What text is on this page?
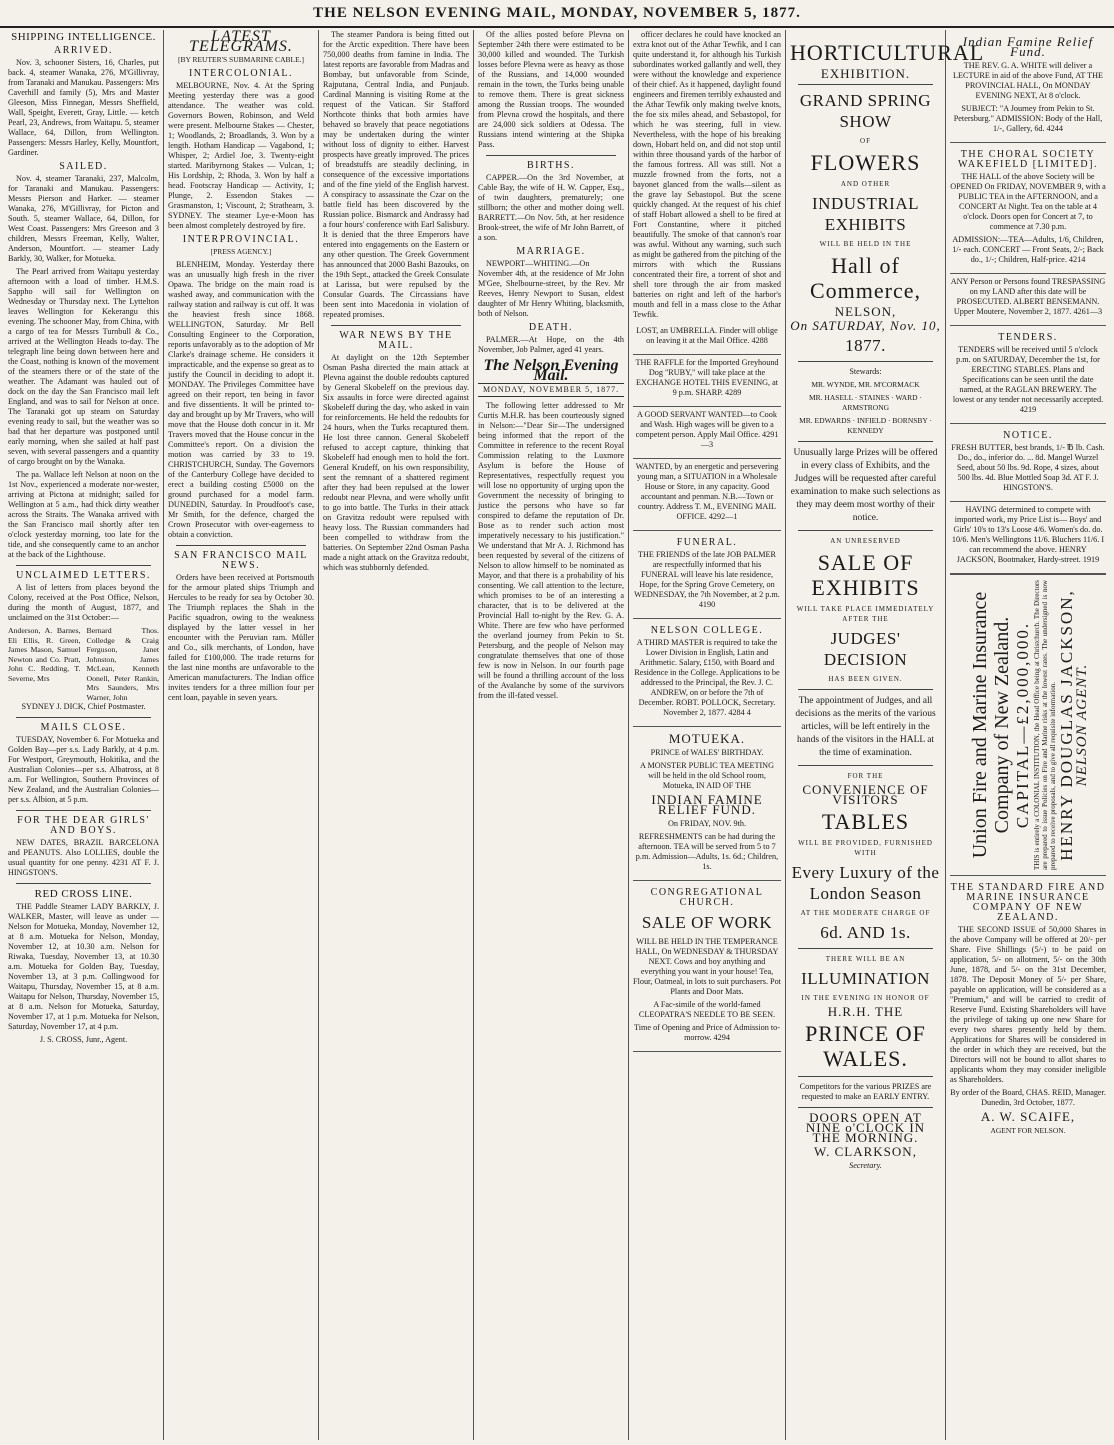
THE NELSON EVENING MAIL, MONDAY, NOVEMBER 5, 1877.
SHIPPING INTELLIGENCE.
ARRIVED.

Nov. 3, schooner Sisters, 16, Charles, put back. 4, steamer Wanaka, 276, M'Gillivray, from Taranaki and Manukau. Passengers: Mrs Caverhill and family (5), Mrs and Master Gleeson, Miss Finnegan, Messrs Sheffield, Wall, Speight, Everett, Gray, Little. — ketch Pearl, 23, Andrews, from Waitapu. 5, steamer Wallace, 64, Dillon, from Wellington. Passengers: Messrs Harley, Kelly, Mountfort, Gardiner.

SAILED.

Nov. 4, steamer Taranaki, 237, Malcolm, for Taranaki and Manukau. Passengers: Messrs Pierson and Harker. — steamer Wanaka, 276, M'Gillivray, for Picton and South. 5, steamer Wallace, 64, Dillon, for West Coast. Passengers: Mrs Greeson and 3 children, Messrs Freeman, Kelly, Walter, Anderson, Mountfort. — steamer Lady Barkly, 30, Walker, for Motueka.

The Pearl arrived from Waitapu yesterday afternoon with a load of timber. H.M.S. Sappho will sail for Wellington on Wednesday or Thursday next. The Lyttelton leaves Wellington for Kekerangu this evening. The schooner May, from China, with a cargo of tea for Messrs Turnbull & Co., arrived at the Wellington Heads to-day. The telegraph line being down between here and the Coast, nothing is known of the movement of the steamers there or of the state of the weather. The Adamant was hauled out of dock on the day the San Francisco mail left England, and was to sail for Nelson at once. The Taranaki got up steam on Saturday evening ready to sail, but the weather was so bad that her departure was postponed until early morning, when she sailed at half past seven, with several passengers and a quantity of cargo brought on by the Wanaka.

The pa. Wallace left Nelson at noon on the 1st Nov., experienced a moderate nor-wester, arriving at Pictona at midnight; sailed for Wellington at 5 a.m., had thick dirty weather across the Straits. The Wanaka arrived with the San Francisco mail shortly after ten o'clock yesterday morning, too late for the tide, and she consequently came to an anchor at the back of the Lighthouse.

UNCLAIMED LETTERS.

A list of letters from places beyond the Colony, received at the Post Office, Nelson, during the month of August, 1877, and unclaimed on the 31st October:—

Anderson, A. Barnes, Eli Ellis, R. Green, James Mason, Samuel Newton and Co. Pratt, John C. Redding, T. Severne, Mrs
Bernard Thos. Colledge & Craig Ferguson, Janet Johnston, James McLean, Kenneth Oonell, Peter Rankin, Mrs Saunders, Mrs Warner, John

SYDNEY J. DICK, Chief Postmaster.

MAILS CLOSE.

TUESDAY, November 6. For Motueka and Golden Bay—per s.s. Lady Barkly, at 4 p.m. For Westport, Greymouth, Hokitika, and the Australian Colonies—per s.s. Albatross, at 8 a.m. For Wellington, Southern Provinces of New Zealand, and the Australian Colonies—per s.s. Albion, at 5 p.m.

FOR THE DEAR GIRLS' AND BOYS.

NEW DATES, BRAZIL BARCELONA and PEANUTS. Also LOLLIES, double the usual quantity for one penny. 4231 AT F. J. HINGSTON'S.

RED CROSS LINE.

THE Paddle Steamer LADY BARKLY, J. WALKER, Master, will leave as under — Nelson for Motueka, Monday, November 12, at 8 a.m. Motueka for Nelson, Monday, November 12, at 10.30 a.m. Nelson for Riwaka, Tuesday, November 13, at 10.30 a.m. Motueka for Golden Bay, Tuesday, November 13, at 3 p.m. Collingwood for Waitapu, Thursday, November 15, at 8 a.m. Waitapu for Nelson, Thursday, November 15, at 8 a.m. Nelson for Motueka, Saturday, November 17, at 1 p.m. Motueka for Nelson, Saturday, November 17, at 4 p.m.

J. S. CROSS, Junr., Agent.

LATEST TELEGRAMS.

[BY REUTER'S SUBMARINE CABLE.]

INTERCOLONIAL.

MELBOURNE, Nov. 4. At the Spring Meeting yesterday there was a good attendance. The weather was cold. Governors Bowen, Robinson, and Weld were present. Melbourne Stakes — Chester, 1; Woodlands, 2; Broadlands, 3. Won by a length. Hotham Handicap — Vagabond, 1; Whisper, 2; Ardiel Joe, 3. Twenty-eight started. Maribyrnong Stakes — Vulcan, 1; His Lordship, 2; Rhoda, 3. Won by half a head. Footscray Handicap — Activity, 1; Plunge, 2. Essendon Stakes — Grasmanston, 1; Viscount, 2; Strathearn, 3. SYDNEY. The steamer Lye-e-Moon has been almost completely destroyed by fire.

INTERPROVINCIAL.

[PRESS AGENCY.]

BLENHEIM, Monday. Yesterday there was an unusually high fresh in the river Opawa. The bridge on the main road is washed away, and communication with the railway station and railway is cut off. It was the heaviest fresh since 1868. WELLINGTON, Saturday. Mr Bell Consulting Engineer to the Corporation, reports unfavorably as to the adoption of Mr Clarke's drainage scheme. He considers it impracticable, and the expense so great as to justify the Council in deciding to adopt it. MONDAY. The Privileges Committee have agreed on their report, ten being in favor and five dissentients. It will be printed to-day and brought up by Mr Travers, who will move that the House doth concur in it. Mr Travers moved that the House concur in the Committee's report. On a division the motion was carried by 33 to 19. CHRISTCHURCH, Sunday. The Governors of the Canterbury College have decided to erect a building costing £5000 on the ground purchased for a model farm. DUNEDIN, Saturday. In Proudfoot's case, Mr Smith, for the defence, charged the Crown Prosecutor with over-eagerness to obtain a conviction.

SAN FRANCISCO MAIL NEWS.

Orders have been received at Portsmouth for the armour plated ships Triumph and Hercules to be ready for sea by October 30. The Triumph replaces the Shah in the Pacific squadron, owing to the weakness displayed by the latter vessel in her encounter with the Peruvian ram. Müller and Co., silk merchants, of London, have failed for £100,000. The trade returns for the last nine months are unfavorable to the American manufacturers. The Indian office invites tenders for a three million four per cent loan, payable in seven years.

The steamer Pandora is being fitted out for the Arctic expedition. There have been 750,000 deaths from famine in India. The latest reports are favorable from Madras and Bombay, but unfavorable from Scinde, Rajputana, Central India, and Punjaub. Cardinal Manning is visiting Rome at the request of the Vatican. Sir Stafford Northcote thinks that both armies have behaved so bravely that peace negotiations may be undertaken during the winter without loss of dignity to either. Harvest prospects have greatly improved. The prices of breadstuffs are steadily declining, in consequence of the excessive importations and of the fine yield of the English harvest. A conspiracy to assassinate the Czar on the battle field has been discovered by the Russian police. Bismarck and Andrassy had a four hours' conference with Earl Salisbury. It is denied that the three Emperors have entered into engagements on the Eastern or any other question. The Greek Government has announced that 2000 Bashi Bazouks, on the 19th Sept., attacked the Greek Consulate at Larissa, but were repulsed by the Consular Guards. The Circassians have been sent into Macedonia in violation of repeated promises.

WAR NEWS BY THE MAIL.

At daylight on the 12th September Osman Pasha directed the main attack at Plevna against the double redoubts captured by General Skobeleff on the previous day. Six assaults in force were directed against Skobeleff during the day, who asked in vain for reinforcements. He held the redoubts for 24 hours, when the Turks recaptured them. He lost three cannon. General Skobeleff refused to accept capture, thinking that Skobeleff had enough men to hold the fort. General Krudeff, on his own responsibility, sent the remnant of a shattered regiment after they had been repulsed at the lower redoubt near Plevna, and were wholly unfit to go into battle. The Turks in their attack on Gravitza redoubt were repulsed with heavy loss. The Russian commanders had been compelled to withdraw from the batteries. On September 22nd Osman Pasha made a night attack on the Gravitza redoubt, which was stubbornly defended.

Of the allies posted before Plevna on September 24th there were estimated to be 30,000 killed and wounded. The Turkish losses before Plevna were as heavy as those of the Russians, and 14,000 wounded remain in the town, the Turks being unable to remove them. There is great sickness among the Russian troops. The wounded from Plevna crowd the hospitals, and there are 24,000 sick soldiers at Odessa. The Russians intend wintering at the Shipka Pass.

BIRTHS.

CAPPER.—On the 3rd November, at Cable Bay, the wife of H. W. Capper, Esq., of twin daughters, prematurely; one stillborn; the other and mother doing well. BARRETT.—On Nov. 5th, at her residence Brook-street, the wife of Mr John Barrett, of a son.

MARRIAGE.

NEWPORT—WHITING.—On November 4th, at the residence of Mr John M'Gee, Shelbourne-street, by the Rev. Mr Reeves, Henry Newport to Susan, eldest daughter of Mr Henry Whiting, blacksmith, both of Nelson.

DEATH.

PALMER.—At Hope, on the 4th November, Job Palmer, aged 41 years.

The Nelson Evening Mail.
MONDAY, NOVEMBER 5, 1877.

The following letter addressed to Mr Curtis M.H.R. has been courteously signed in Nelson:—"Dear Sir—The undersigned being informed that the report of the Committee in reference to the recent Royal Commission relating to the Luxmore Asylum is before the House of Representatives, respectfully request you will lose no opportunity of urging upon the Government the necessity of bringing to justice the persons who have so far conspired to defame the reputation of Dr. Bose as to render such action most imperatively necessary to his justification." We understand that Mr A. J. Richmond has been requested by several of the citizens of Nelson to allow himself to be nominated as Mayor, and that there is a probability of his consenting. We call attention to the lecture, which promises to be of an interesting a character, that is to be delivered at the Provincial Hall to-night by the Rev. G. A. White. There are few who have performed the overland journey from Pekin to St. Petersburg, and the people of Nelson may congratulate themselves that one of those few is now in Nelson. In our fourth page will be found a thrilling account of the loss of the Avalanche by some of the survivors from the ill-fated vessel.

officer declares he could have knocked an extra knot out of the Athar Tewfik, and I can quite understand it, for although his Turkish subordinates worked gallantly and well, they were without the knowledge and experience of their chief. As it happened, daylight found engineers and firemen terribly exhausted and the Athar Tewfik only making twelve knots, the foe six miles ahead, and Sebastopol, for which he was steering, full in view. Nevertheless, with the hope of his breaking down, Hobart held on, and did not stop until within three thousand yards of the harbor of the famous fortress. All was still. Not a muzzle frowned from the forts, not a bayonet glanced from the walls—silent as the grave lay Sebastopol. But the scene quickly changed. At the request of his chief of staff Hobart allowed a shell to be fired at Fort Constantine, where it pitched beautifully. The smoke of that cannon's roar was awful. Without any warning, such such as might be gathered from the pitching of the mirrors with which the Russians concentrated their fire, a torrent of shot and shell tore through the air from masked batteries on right and left of the harbor's mouth and fell in a mass close to the Athar Tewfik.

LOST, an UMBRELLA. Finder will oblige on leaving it at the Mail Office. 4288

THE RAFFLE for the Imported Greyhound Dog "RUBY," will take place at the EXCHANGE HOTEL THIS EVENING, at 9 p.m. SHARP. 4289

A GOOD SERVANT WANTED—to Cook and Wash. High wages will be given to a competent person. Apply Mail Office. 4291—3

WANTED, by an energetic and persevering young man, a SITUATION in a Wholesale House or Store, in any capacity. Good accountant and penman. N.B.—Town or country. Address T. M., EVENING MAIL OFFICE. 4292—1

FUNERAL.

THE FRIENDS of the late JOB PALMER are respectfully informed that his FUNERAL will leave his late residence, Hope, for the Spring Grove Cemetery, on WEDNESDAY, the 7th November, at 2 p.m. 4190

NELSON COLLEGE.

A THIRD MASTER is required to take the Lower Division in English, Latin and Arithmetic. Salary, £150, with Board and Residence in the College. Applications to be addressed to the Principal, the Rev. J. C. ANDREW, on or before the 7th of December. ROBT. POLLOCK, Secretary. November 2, 1877. 4284 4

MOTUEKA.

PRINCE of WALES' BIRTHDAY.

A MONSTER PUBLIC TEA MEETING will be held in the old School room, Motueka, IN AID OF THE

INDIAN FAMINE RELIEF FUND.

On FRIDAY, NOV. 9th.

REFRESHMENTS can be had during the afternoon. TEA will be served from 5 to 7 p.m. Admission—Adults, 1s. 6d.; Children, 1s.

CONGREGATIONAL CHURCH.
SALE OF WORK

WILL BE HELD IN THE TEMPERANCE HALL, On WEDNESDAY & THURSDAY NEXT. Cows and boy anything and everything you want in your house! Tea, Flour, Oatmeal, in lots to suit purchasers. Pot Plants and Door Mats.

A Fac-simile of the world-famed CLEOPATRA'S NEEDLE TO BE SEEN.

Time of Opening and Price of Admission to-morrow. 4294

HORTICULTURAL
EXHIBITION.
GRAND SPRING SHOW
OF
FLOWERS
AND OTHER
INDUSTRIAL EXHIBITS
WILL BE HELD IN THE
Hall of Commerce,
NELSON,
On SATURDAY, Nov. 10,
1877.

Stewards:

MR. WYNDE, MR. M'CORMACK

MR. HASELL · STAINES · WARD · ARMSTRONG

MR. EDWARDS · INFIELD · BORNSBY · KENNEDY

Unusually large Prizes will be offered in every class of Exhibits, and the Judges will be requested after careful examination to make such selections as they may deem most worthy of their notice.

AN UNRESERVED
SALE OF EXHIBITS
WILL TAKE PLACE IMMEDIATELY AFTER THE
JUDGES' DECISION
HAS BEEN GIVEN.

The appointment of Judges, and all decisions as the merits of the various articles, will be left entirely in the hands of the visitors in the HALL at the time of examination.

FOR THE
CONVENIENCE OF VISITORS
TABLES
WILL BE PROVIDED, FURNISHED WITH
Every Luxury of the London Season
AT THE MODERATE CHARGE OF
6d. AND 1s.
THERE WILL BE AN
ILLUMINATION
IN THE EVENING IN HONOR OF
H.R.H. THE
PRINCE OF WALES.

Competitors for the various PRIZES are requested to make an EARLY ENTRY.

DOORS OPEN AT NINE o'CLOCK IN THE MORNING.
W. CLARKSON,

Secretary.

Indian Famine Relief Fund.

THE REV. G. A. WHITE will deliver a LECTURE in aid of the above Fund, AT THE PROVINCIAL HALL, On MONDAY EVENING NEXT, At 8 o'clock.

SUBJECT: "A Journey from Pekin to St. Petersburg." ADMISSION: Body of the Hall, 1/-, Gallery, 6d. 4244

THE CHORAL SOCIETY WAKEFIELD [LIMITED].

THE HALL of the above Society will be OPENED On FRIDAY, NOVEMBER 9, with a PUBLIC TEA in the AFTERNOON, and a CONCERT At Night. Tea on the table at 4 o'clock. Doors open for Concert at 7, to commence at 7.30 p.m.

ADMISSION:—TEA—Adults, 1/6, Children, 1/- each. CONCERT — Front Seats, 2/-; Back do., 1/-; Children, Half-price. 4214

ANY Person or Persons found TRESPASSING on my LAND after this date will be PROSECUTED. ALBERT BENSEMANN. Upper Moutere, November 2, 1877. 4261—3

TENDERS.

TENDERS will be received until 5 o'clock p.m. on SATURDAY, December the 1st, for ERECTING STABLES. Plans and Specifications can be seen until the date named, at the RAGLAN BREWERY. The lowest or any tender not necessarily accepted. 4219

NOTICE.

FRESH BUTTER, best brands, 1/- ℔ lb. Cash. Do., do., inferior do. ... 8d. Mangel Wurzel Seed, about 50 lbs. 9d. Rope, 4 sizes, about 500 lbs. 4d. Blue Mottled Soap 3d. AT F. J. HINGSTON'S.

HAVING determined to compete with imported work, my Price List is— Boys' and Girls' 10's to 13's Loose 4/6. Women's do. do. 10/6. Men's Wellingtons 11/6. Bluchers 11/6. I can recommend the above. HENRY JACKSON, Bootmaker, Hardy-street. 1919

Union Fire and Marine Insurance Company of New Zealand. CAPITAL—£2,000,000. THIS is entirely a COLONIAL INSTITUTION, the Head Office being at Christchurch. The Directors are prepared to issue Policies on Fire and Marine risks at the lowest rates. The undersigned is now prepared to receive proposals, and to give all requisite information. HENRY DOUGLAS JACKSON,
NELSON AGENT.
THE STANDARD FIRE AND MARINE INSURANCE COMPANY OF NEW ZEALAND.

THE SECOND ISSUE of 50,000 Shares in the above Company will be offered at 20/- per Share. Five Shillings (5/-) to be paid on application, 5/- on allotment, 5/- on the 30th June, 1878, and 5/- on the 31st December, 1878. The Deposit Money of 5/- per Share, payable on application, will be considered as a "Premium," and will be carried to credit of Reserve Fund. Existing Shareholders will have the privilege of taking up one new Share for every two shares presently held by them. Applications for Shares will be considered in the order in which they are received, but the Directors will not be bound to allot shares to applicants whom they may consider ineligible as Shareholders.

By order of the Board, CHAS. REID, Manager. Dunedin, 3rd October, 1877.

A. W. SCAIFE,

AGENT FOR NELSON.
